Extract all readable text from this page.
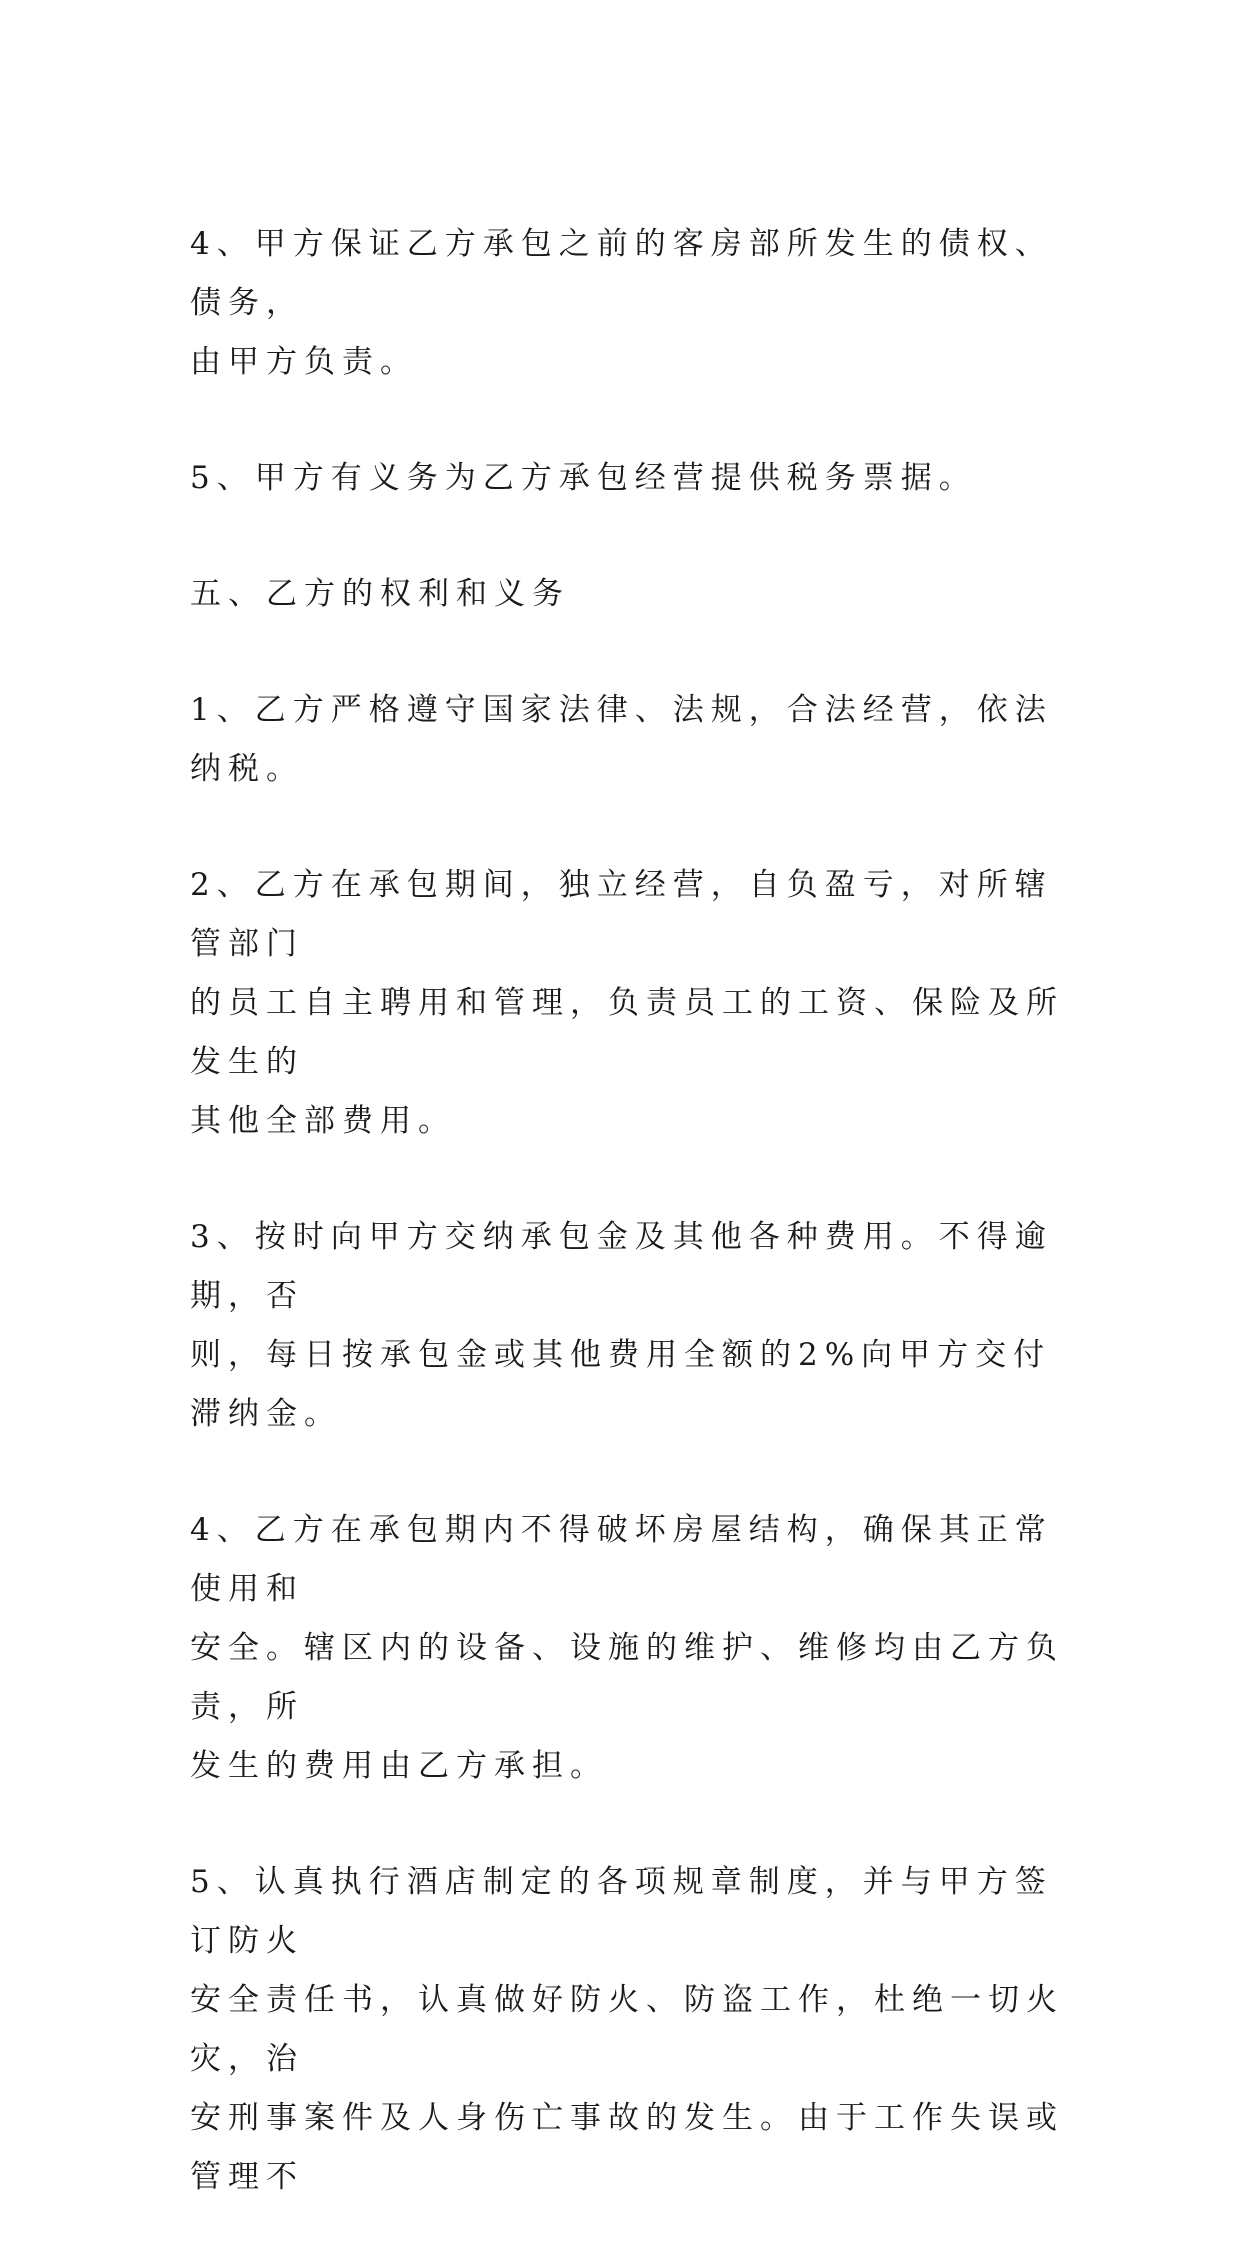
4、甲方保证乙方承包之前的客房部所发生的债权、债务，
由甲方负责。

5、甲方有义务为乙方承包经营提供税务票据。

五、乙方的权利和义务

1、乙方严格遵守国家法律、法规，合法经营，依法纳税。

2、乙方在承包期间，独立经营，自负盈亏，对所辖管部门
的员工自主聘用和管理，负责员工的工资、保险及所发生的
其他全部费用。

3、按时向甲方交纳承包金及其他各种费用。不得逾期，否
则，每日按承包金或其他费用全额的2%向甲方交付滞纳金。

4、乙方在承包期内不得破坏房屋结构，确保其正常使用和
安全。辖区内的设备、设施的维护、维修均由乙方负责，所
发生的费用由乙方承担。

5、认真执行酒店制定的各项规章制度，并与甲方签订防火
安全责任书，认真做好防火、防盗工作，杜绝一切火灾，治
安刑事案件及人身伤亡事故的发生。由于工作失误或管理不
